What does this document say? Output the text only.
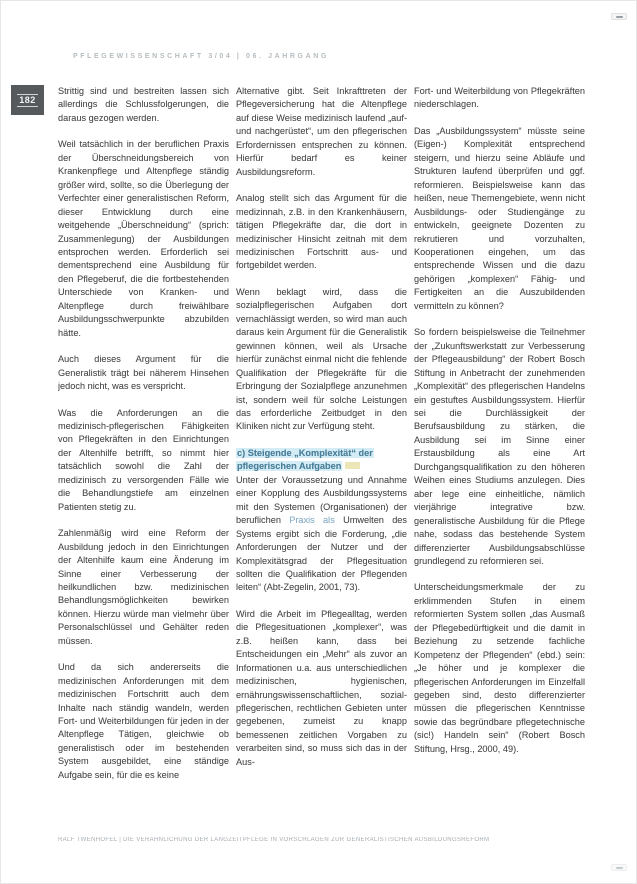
PFLEGEWISSENSCHAFT 3/04 | 06. JAHRGANG
182

Strittig sind und bestreiten lassen sich allerdings die Schlussfolgerungen, die daraus gezogen werden.

Weil tatsächlich in der beruflichen Praxis der Überschneidungsbereich von Krankenpflege und Altenpflege ständig größer wird, sollte, so die Überlegung der Verfechter einer generalistischen Reform, dieser Entwicklung durch eine weitgehende „Überschneidung“ (sprich: Zusammenlegung) der Ausbildungen entsprochen werden. Erforderlich sei dementsprechend eine Ausbildung für den Pflegeberuf, die die fortbestehenden Unterschiede von Kranken- und Altenpflege durch freiwählbare Ausbildungsschwerpunkte abzubilden hätte.

Auch dieses Argument für die Generalistik trägt bei näherem Hinsehen jedoch nicht, was es verspricht.

Was die Anforderungen an die medizinisch-pflegerischen Fähigkeiten von Pflegekräften in den Einrichtungen der Altenhilfe betrifft, so nimmt hier tatsächlich sowohl die Zahl der medizinisch zu versorgenden Fälle wie die Behandlungstiefe am einzelnen Patienten stetig zu.

Zahlenmäßig wird eine Reform der Ausbildung jedoch in den Einrichtungen der Altenhilfe kaum eine Änderung im Sinne einer Verbesserung der heilkundlichen bzw. medizinischen Behandlungsmöglichkeiten bewirken können. Hierzu würde man vielmehr über Personalschlüssel und Gehälter reden müssen.

Und da sich andererseits die medizinischen Anforderungen mit dem medizinischen Fortschritt auch dem Inhalte nach ständig wandeln, werden Fort- und Weiterbildungen für jeden in der Altenpflege Tätigen, gleichwie ob generalistisch oder im bestehenden System ausgebildet, eine ständige Aufgabe sein, für die es keine

Alternative gibt. Seit Inkrafttreten der Pflegeversicherung hat die Altenpflege auf diese Weise medizinisch laufend „auf- und nachgerüstet“, um den pflegerischen Erfordernissen entsprechen zu können. Hierfür bedarf es keiner Ausbildungsreform.

Analog stellt sich das Argument für die medizinnah, z.B. in den Krankenhäusern, tätigen Pflegekräfte dar, die dort in medizinischer Hinsicht zeitnah mit dem medizinischen Fortschritt aus- und fortgebildet werden.

Wenn beklagt wird, dass die sozialpflegerischen Aufgaben dort vernachlässigt werden, so wird man auch daraus kein Argument für die Generalistik gewinnen können, weil als Ursache hierfür zunächst einmal nicht die fehlende Qualifikation der Pflegekräfte für die Erbringung der Sozialpflege anzunehmen ist, sondern weil für solche Leistungen das erforderliche Zeitbudget in den Kliniken nicht zur Verfügung steht.

c) Steigende „Komplexität“ der pflegerischen Aufgaben

Unter der Voraussetzung und Annahme einer Kopplung des Ausbildungssystems mit den Systemen (Organisationen) der beruflichen Praxis als Umwelten des Systems ergibt sich die Forderung, „die Anforderungen der Nutzer und der Komplexitätsgrad der Pflegesituation sollten die Qualifikation der Pflegenden leiten“ (Abt-Zegelin, 2001, 73).

Wird die Arbeit im Pflegealltag, werden die Pflegesituationen „komplexer“, was z.B. heißen kann, dass bei Entscheidungen ein „Mehr“ als zuvor an Informationen u.a. aus unterschiedlichen medizinischen, hygienischen, ernährungswissenschaftlichen, sozial-pflegerischen, rechtlichen Gebieten unter gegebenen, zumeist zu knapp bemessenen zeitlichen Vorgaben zu verarbeiten sind, so muss sich das in der Aus-

Fort- und Weiterbildung von Pflegekräften niederschlagen.

Das „Ausbildungssystem“ müsste seine (Eigen-) Komplexität entsprechend steigern, und hierzu seine Abläufe und Strukturen laufend überprüfen und ggf. reformieren. Beispielsweise kann das heißen, neue Themengebiete, wenn nicht Ausbildungs- oder Studiengänge zu entwickeln, geeignete Dozenten zu rekrutieren und vorzuhalten, Kooperationen eingehen, um das entsprechende Wissen und die dazu gehörigen „komplexen“ Fähig- und Fertigkeiten an die Auszubildenden vermitteln zu können?

So fordern beispielsweise die Teilnehmer der „Zukunftswerkstatt zur Verbesserung der Pflegeausbildung“ der Robert Bosch Stiftung in Anbetracht der zunehmenden „Komplexität“ des pflegerischen Handelns ein gestuftes Ausbildungssystem. Hierfür sei die Durchlässigkeit der Berufsausbildung zu stärken, die Ausbildung sei im Sinne einer Erstausbildung als eine Art Durchgangsqualifikation zu den höheren Weihen eines Studiums anzulegen. Dies aber lege eine einheitliche, nämlich vierjährige integrative bzw. generalistische Ausbildung für die Pflege nahe, sodass das bestehende System differenzierter Ausbildungsabschlüsse grundlegend zu reformieren sei.

Unterscheidungsmerkmale der zu erklimmenden Stufen in einem reformierten System sollen „das Ausmaß der Pflegebedürftigkeit und die damit in Beziehung zu setzende fachliche Kompetenz der Pflegenden“ (ebd.) sein: „Je höher und je komplexer die pflegerischen Anforderungen im Einzelfall gegeben sind, desto differenzierter müssen die pflegerischen Kenntnisse sowie das begründbare pflegetechnische (sic!) Handeln sein“ (Robert Bosch Stiftung, Hrsg., 2000, 49).

RALF TWENHÖFEL | DIE VERÄHNLICHUNG DER LANGZEITPFLEGE IN VORSCHLÄGEN ZUR GENERALISTISCHEN AUSBILDUNGSREFORM
